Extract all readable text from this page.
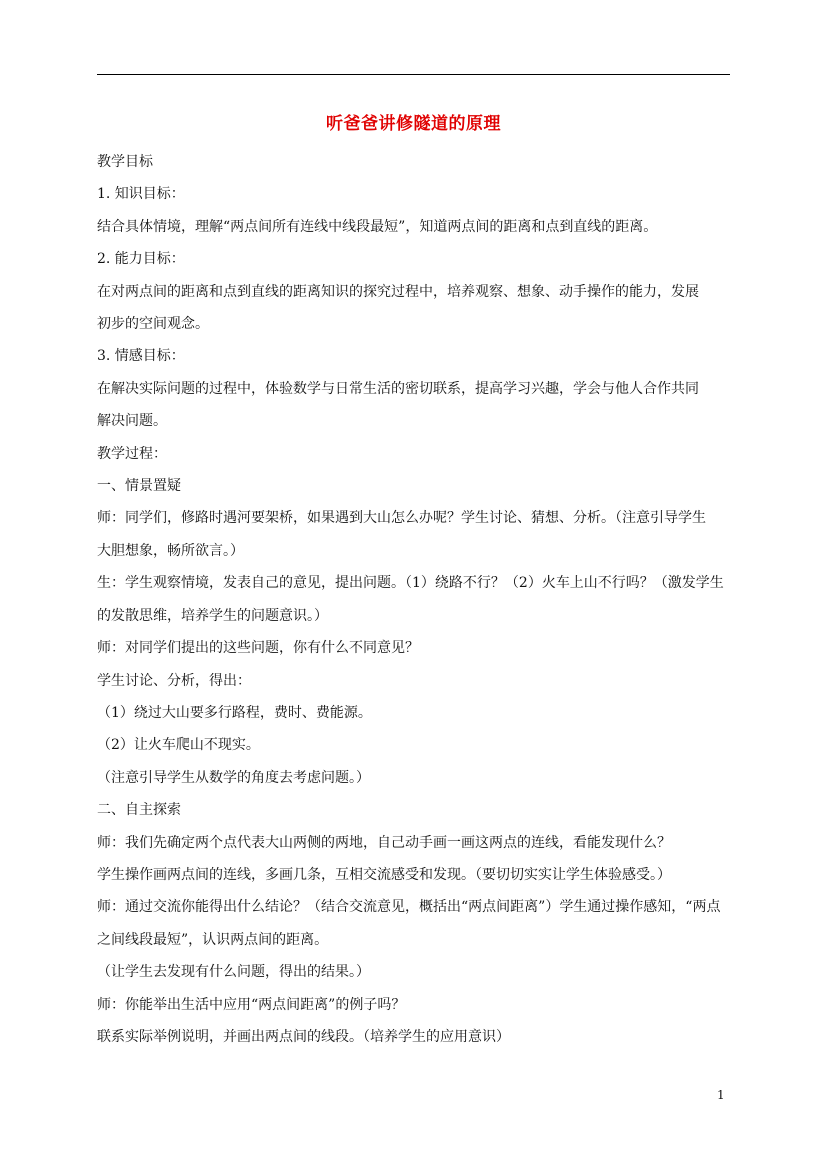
听爸爸讲修隧道的原理

教学目标

1. 知识目标：

结合具体情境，理解“两点间所有连线中线段最短”，知道两点间的距离和点到直线的距离。

2. 能力目标：

在对两点间的距离和点到直线的距离知识的探究过程中，培养观察、想象、动手操作的能力，发展

初步的空间观念。

3. 情感目标：

在解决实际问题的过程中，体验数学与日常生活的密切联系，提高学习兴趣，学会与他人合作共同

解决问题。

教学过程：

一、情景置疑

师：同学们，修路时遇河要架桥，如果遇到大山怎么办呢？学生讨论、猜想、分析。（注意引导学生

大胆想象，畅所欲言。）

生：学生观察情境，发表自己的意见，提出问题。（1）绕路不行？（2）火车上山不行吗？（激发学生

的发散思维，培养学生的问题意识。）

师：对同学们提出的这些问题，你有什么不同意见？

学生讨论、分析，得出：

（1）绕过大山要多行路程，费时、费能源。

（2）让火车爬山不现实。

（注意引导学生从数学的角度去考虑问题。）

二、自主探索

师：我们先确定两个点代表大山两侧的两地，自己动手画一画这两点的连线，看能发现什么？

学生操作画两点间的连线，多画几条，互相交流感受和发现。（要切切实实让学生体验感受。）

师：通过交流你能得出什么结论？（结合交流意见，概括出“两点间距离”）学生通过操作感知，“两点

之间线段最短”，认识两点间的距离。

（让学生去发现有什么问题，得出的结果。）

师：你能举出生活中应用“两点间距离”的例子吗？

联系实际举例说明，并画出两点间的线段。（培养学生的应用意识）

1
